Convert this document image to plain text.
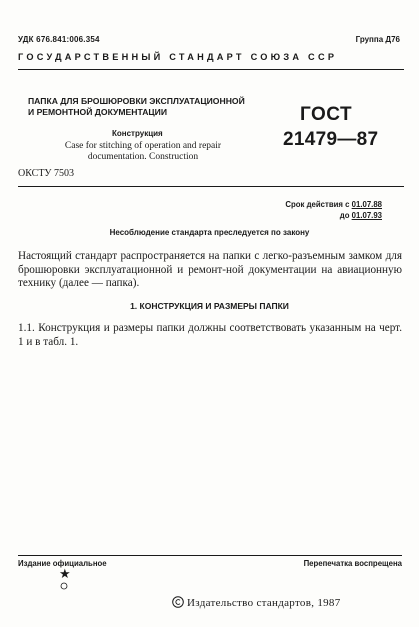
УДК 676.841:006.354	Группа Д76
ГОСУДАРСТВЕННЫЙ СТАНДАРТ СОЮЗА ССР
ПАПКА ДЛЯ БРОШЮРОВКИ ЭКСПЛУАТАЦИОННОЙ
И РЕМОНТНОЙ ДОКУМЕНТАЦИИ
Конструкция
Case for stitching of operation and repair
documentation. Construction
ГОСТ
21479—87
ОКСТУ 7503
Срок действия с 01.07.88
до 01.07.93
Несоблюдение стандарта преследуется по закону
Настоящий стандарт распространяется на папки с легко-разъемным замком для брошюровки эксплуатационной и ремонт-ной документации на авиационную технику (далее — папка).
1. КОНСТРУКЦИЯ И РАЗМЕРЫ ПАПКИ
1.1. Конструкция и размеры папки должны соответствовать указанным на черт. 1 и в табл. 1.
Издание официальное	Перепечатка воспрещена
★
Издательство стандартов, 1987
